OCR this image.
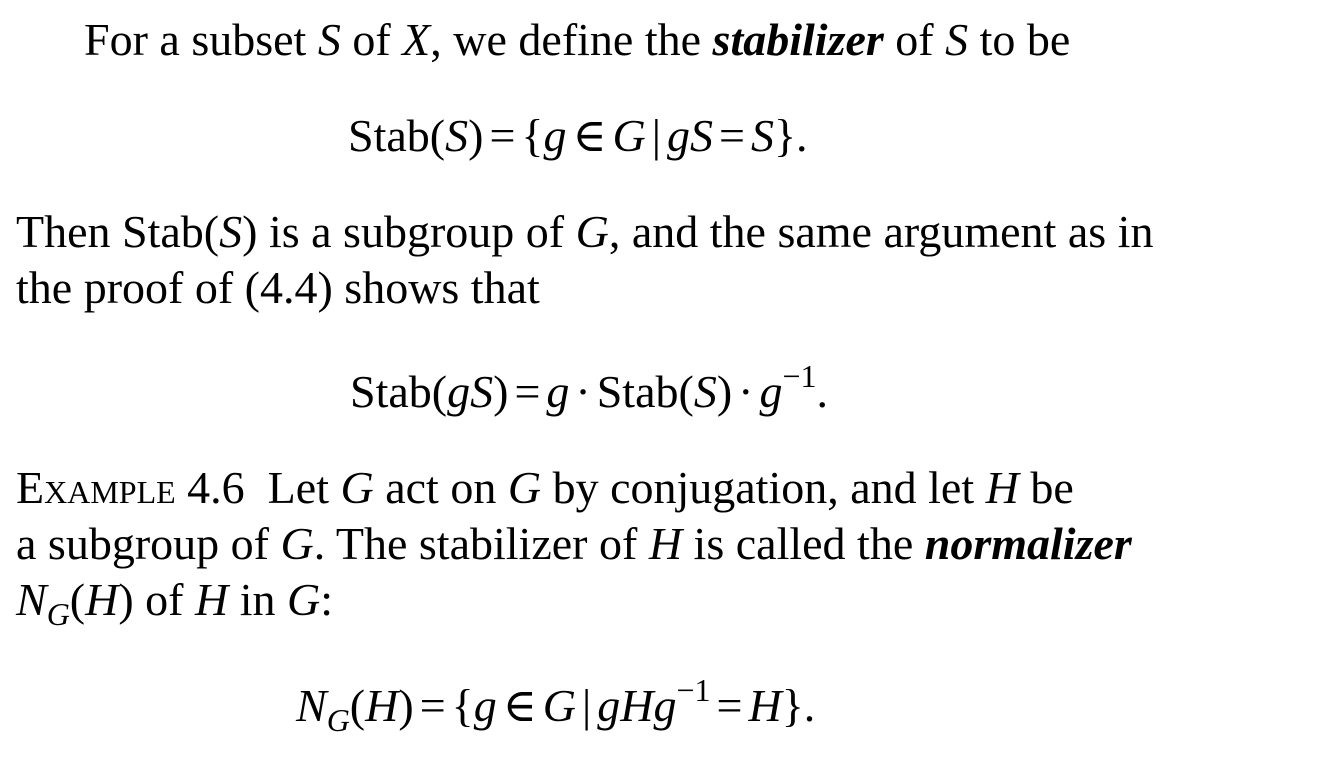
For a subset S of X, we define the stabilizer of S to be
Stab(S) = {g ∈ G | gS = S}.
Then Stab(S) is a subgroup of G, and the same argument as in
the proof of (4.4) shows that
Stab(gS) = g · Stab(S) · $g^{-1}$.
Example 4.6  Let G act on G by conjugation, and let H be
a subgroup of G. The stabilizer of H is called the normalizer
$N_G(H)$ of H in G:
$N_G(H) = \{g$ ∈ G | gHg$^{-1}$ = H}.
